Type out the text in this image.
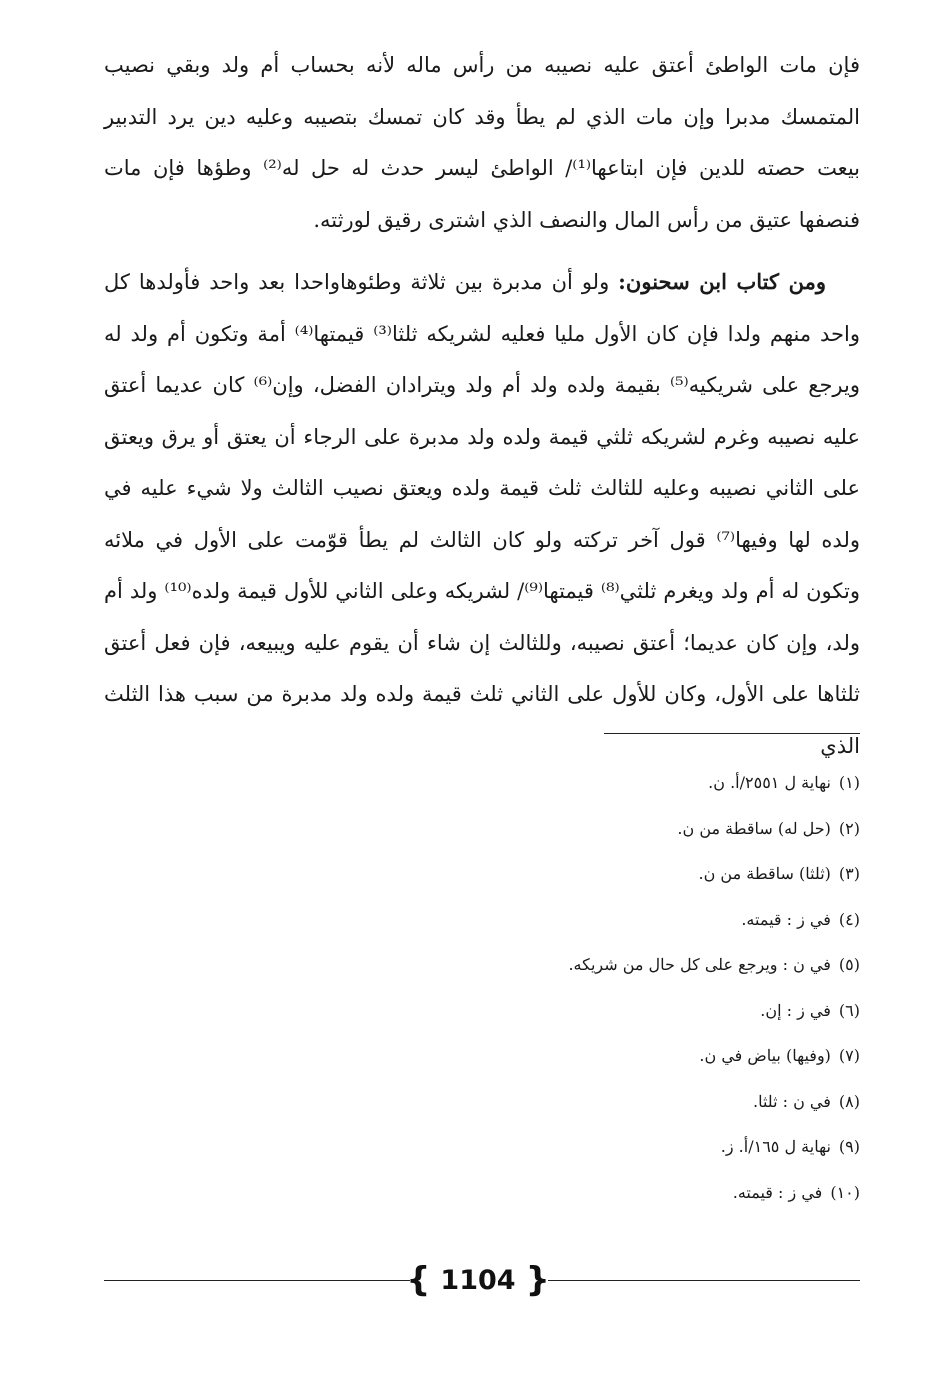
فإن مات الواطئ أعتق عليه نصيبه من رأس ماله لأنه بحساب أم ولد وبقي نصيب المتمسك مدبرا وإن مات الذي لم يطأ وقد كان تمسك بتصيبه وعليه دين يرد التدبير بيعت حصته للدين فإن ابتاعها⁽¹⁾/ الواطئ ليسر حدث له حل له⁽²⁾ وطؤها فإن مات فنصفها عتيق من رأس المال والنصف الذي اشترى رقيق لورثته.

ومن كتاب ابن سحنون: ولو أن مدبرة بين ثلاثة وطئوهاواحدا بعد واحد فأولدها كل واحد منهم ولدا فإن كان الأول مليا فعليه لشريكه ثلثا⁽³⁾ قيمتها⁽⁴⁾ أمة وتكون أم ولد له ويرجع على شريكيه⁽⁵⁾ بقيمة ولده ولد أم ولد ويترادان الفضل، وإن⁽⁶⁾ كان عديما أعتق عليه نصيبه وغرم لشريكه ثلثي قيمة ولده ولد مدبرة على الرجاء أن يعتق أو يرق ويعتق على الثاني نصيبه وعليه للثالث ثلث قيمة ولده ويعتق نصيب الثالث ولا شيء عليه في ولده لها وفيها⁽⁷⁾ قول آخر تركته ولو كان الثالث لم يطأ قوّمت على الأول في ملائه وتكون له أم ولد ويغرم ثلثي⁽⁸⁾ قيمتها⁽⁹⁾/ لشريكه وعلى الثاني للأول قيمة ولده⁽¹⁰⁾ ولد أم ولد، وإن كان عديما؛ أعتق نصيبه، وللثالث إن شاء أن يقوم عليه ويبيعه، فإن فعل أعتق ثلثاها على الأول، وكان للأول على الثاني ثلث قيمة ولده ولد مدبرة من سبب هذا الثلث الذي

(١)نهاية ل ٢٥٥١/أ. ن.
(٢)(حل له) ساقطة من ن.
(٣)(ثلثا) ساقطة من ن.
(٤)في ز : قيمته.
(٥)في ن : ويرجع على كل حال من شريكه.
(٦)في ز : إن.
(٧)(وفيها) بياض في ن.
(٨)في ن : ثلثا.
(٩)نهاية ل ١٦٥/أ. ز.
(١٠)في ز : قيمته.
{ 1104 }
